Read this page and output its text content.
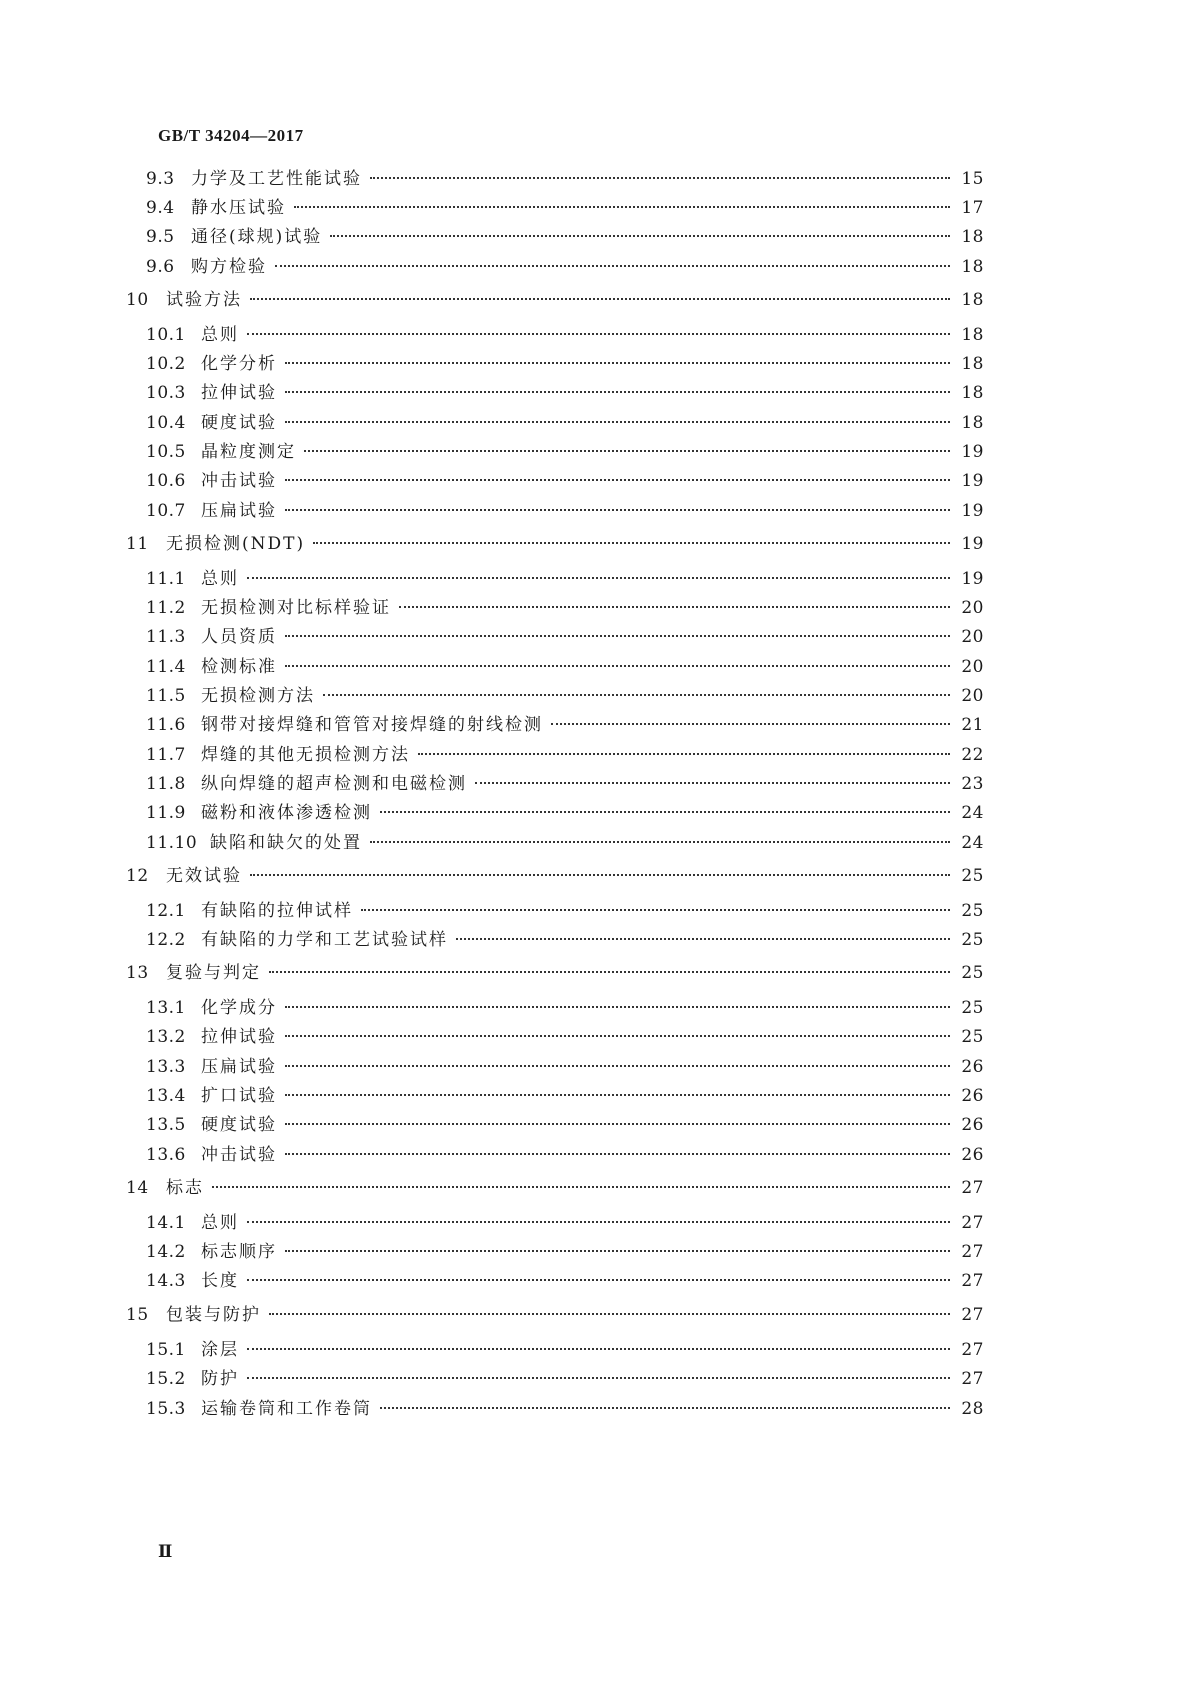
GB/T 34204—2017
9.3 力学及工艺性能试验	15
9.4 静水压试验	17
9.5 通径(球规)试验	18
9.6 购方检验	18
10	试验方法	18
10.1 总则	18
10.2 化学分析	18
10.3 拉伸试验	18
10.4 硬度试验	18
10.5 晶粒度测定	19
10.6 冲击试验	19
10.7 压扁试验	19
11	无损检测(NDT)	19
11.1 总则	19
11.2 无损检测对比标样验证	20
11.3 人员资质	20
11.4 检测标准	20
11.5 无损检测方法	20
11.6 钢带对接焊缝和管管对接焊缝的射线检测	21
11.7 焊缝的其他无损检测方法	22
11.8 纵向焊缝的超声检测和电磁检测	23
11.9 磁粉和液体渗透检测	24
11.10 缺陷和缺欠的处置	24
12	无效试验	25
12.1 有缺陷的拉伸试样	25
12.2 有缺陷的力学和工艺试验试样	25
13	复验与判定	25
13.1 化学成分	25
13.2 拉伸试验	25
13.3 压扁试验	26
13.4 扩口试验	26
13.5 硬度试验	26
13.6 冲击试验	26
14	标志	27
14.1 总则	27
14.2 标志顺序	27
14.3 长度	27
15	包装与防护	27
15.1 涂层	27
15.2 防护	27
15.3 运输卷筒和工作卷筒	28
Ⅱ
